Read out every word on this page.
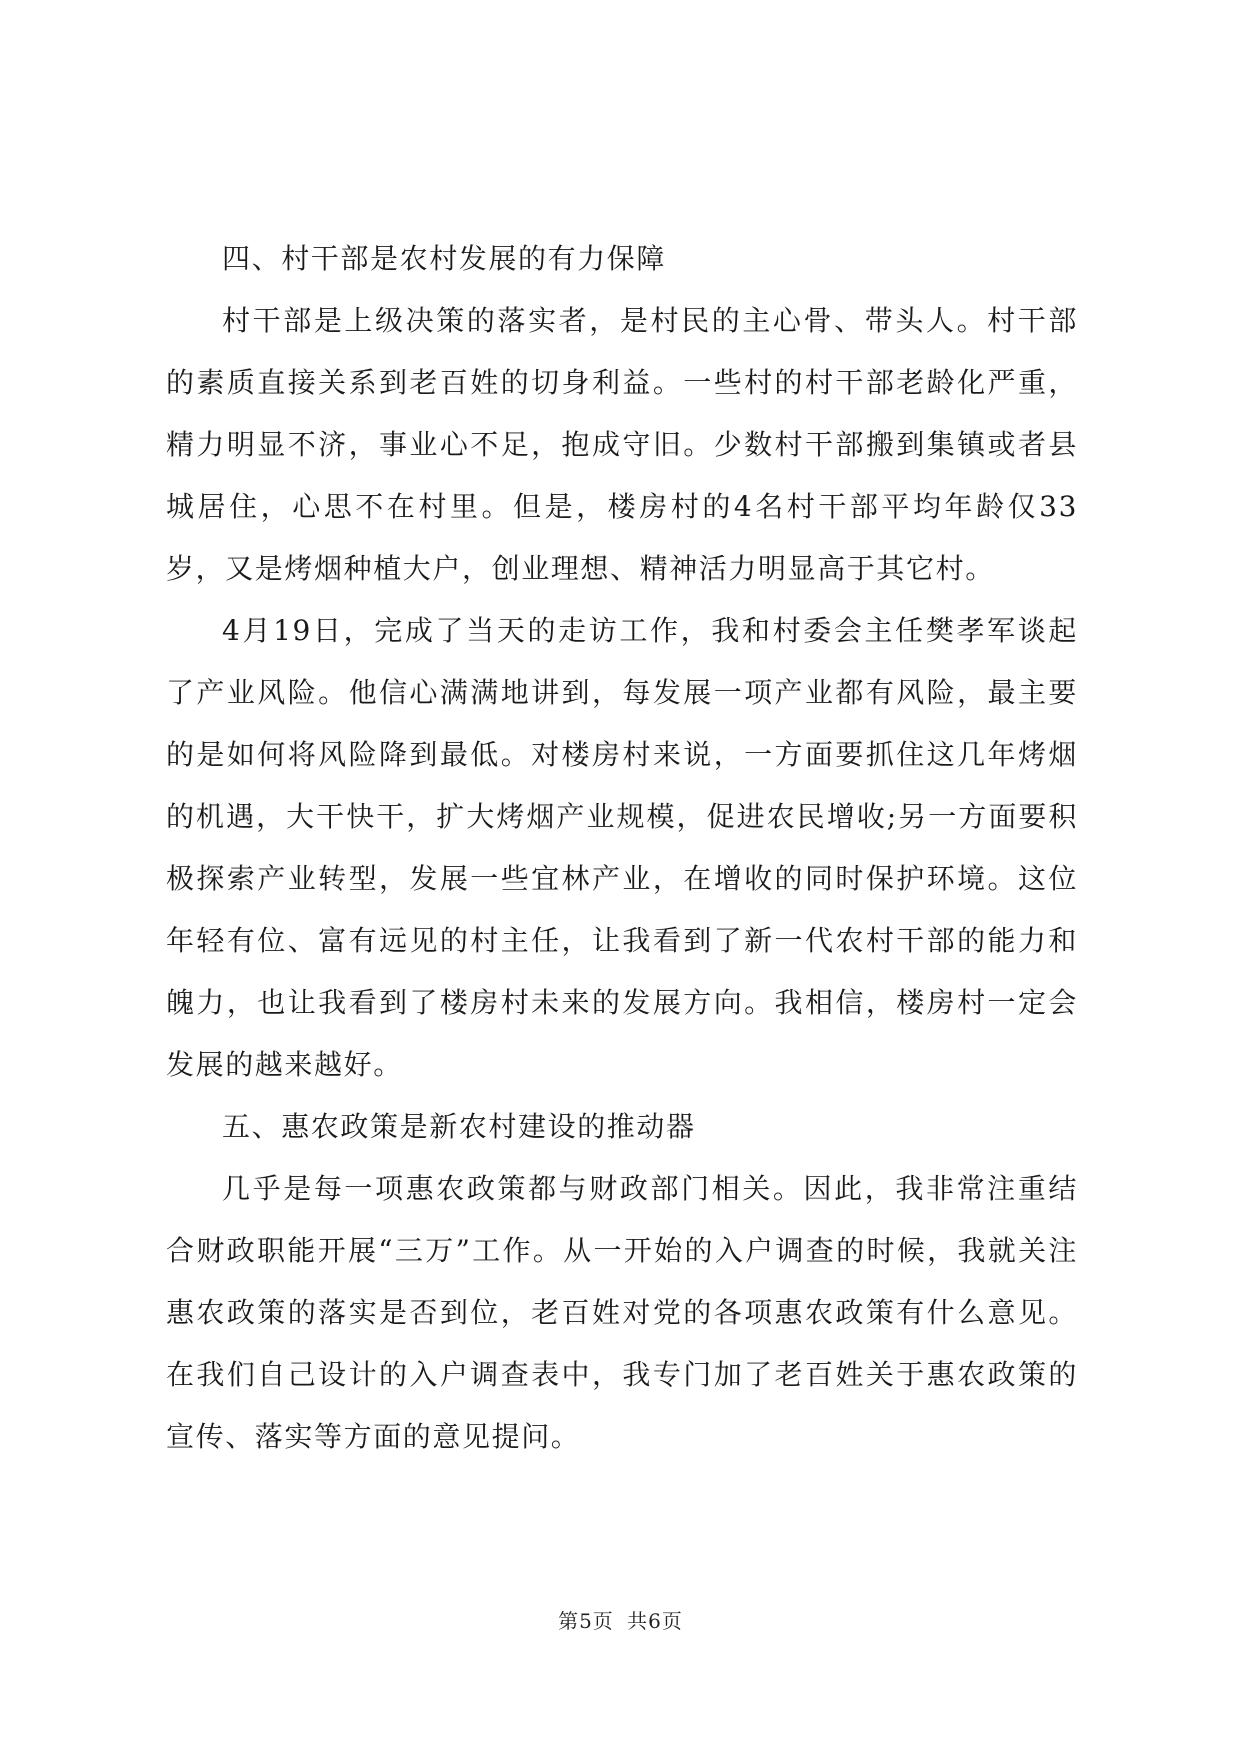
四、村干部是农村发展的有力保障

村干部是上级决策的落实者，是村民的主心骨、带头人。村干部的素质直接关系到老百姓的切身利益。一些村的村干部老龄化严重，精力明显不济，事业心不足，抱成守旧。少数村干部搬到集镇或者县城居住，心思不在村里。但是，楼房村的4名村干部平均年龄仅33岁，又是烤烟种植大户，创业理想、精神活力明显高于其它村。

4月19日，完成了当天的走访工作，我和村委会主任樊孝军谈起了产业风险。他信心满满地讲到，每发展一项产业都有风险，最主要的是如何将风险降到最低。对楼房村来说，一方面要抓住这几年烤烟的机遇，大干快干，扩大烤烟产业规模，促进农民增收;另一方面要积极探索产业转型，发展一些宜林产业，在增收的同时保护环境。这位年轻有位、富有远见的村主任，让我看到了新一代农村干部的能力和魄力，也让我看到了楼房村未来的发展方向。我相信，楼房村一定会发展的越来越好。

五、惠农政策是新农村建设的推动器

几乎是每一项惠农政策都与财政部门相关。因此，我非常注重结合财政职能开展“三万”工作。从一开始的入户调查的时候，我就关注惠农政策的落实是否到位，老百姓对党的各项惠农政策有什么意见。在我们自己设计的入户调查表中，我专门加了老百姓关于惠农政策的宣传、落实等方面的意见提问。

第5页 共6页
